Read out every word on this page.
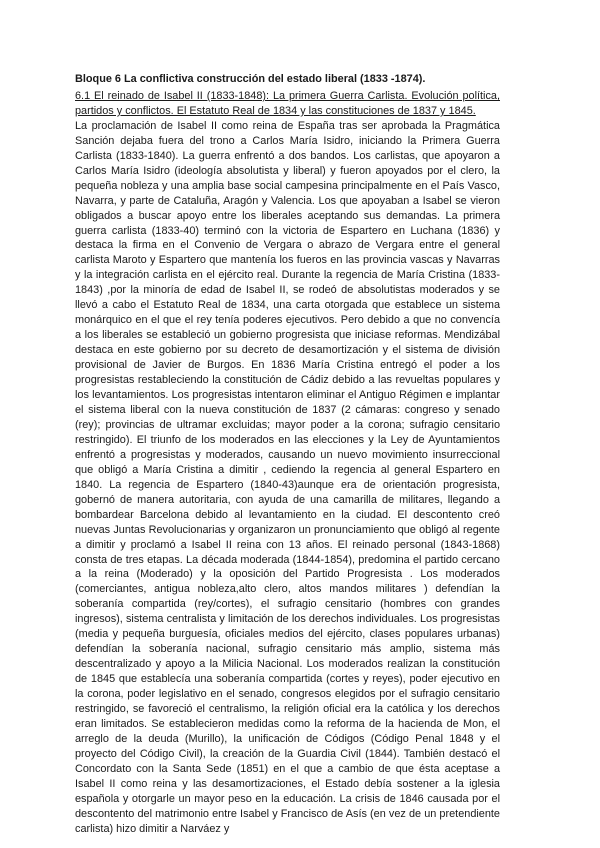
Bloque 6 La conflictiva construcción del estado liberal (1833 -1874).

6.1 El reinado de Isabel II (1833-1848): La primera Guerra Carlista. Evolución política, partidos y conflictos. El Estatuto Real de 1834 y las constituciones de 1837 y 1845.

La proclamación de Isabel II como reina de España tras ser aprobada la Pragmática Sanción dejaba fuera del trono a Carlos María Isidro, iniciando la Primera Guerra Carlista (1833-1840). La guerra enfrentó a dos bandos. Los carlistas, que apoyaron a Carlos María Isidro (ideología absolutista y liberal) y fueron apoyados por el clero, la pequeña nobleza y una amplia base social campesina principalmente en el País Vasco, Navarra, y parte de Cataluña, Aragón y Valencia. Los que apoyaban a Isabel se vieron obligados a buscar apoyo entre los liberales aceptando sus demandas. La primera guerra carlista (1833-40) terminó con la victoria de Espartero en Luchana (1836) y destaca la firma en el Convenio de Vergara o abrazo de Vergara entre el general carlista Maroto y Espartero que mantenía los fueros en las provincia vascas y Navarras y la integración carlista en el ejército real. Durante la regencia de María Cristina (1833-1843) ,por la minoría de edad de Isabel II, se rodeó de absolutistas moderados y se llevó a cabo el Estatuto Real de 1834, una carta otorgada que establece un sistema monárquico en el que el rey tenía poderes ejecutivos. Pero debido a que no convencía a los liberales se estableció un gobierno progresista que iniciase reformas. Mendizábal destaca en este gobierno por su decreto de desamortización y el sistema de división provisional de Javier de Burgos. En 1836 María Cristina entregó el poder a los progresistas restableciendo la constitución de Cádiz debido a las revueltas populares y los levantamientos. Los progresistas intentaron eliminar el Antiguo Régimen e implantar el sistema liberal con la nueva constitución de 1837 (2 cámaras: congreso y senado (rey); provincias de ultramar excluidas; mayor poder a la corona; sufragio censitario restringido). El triunfo de los moderados en las elecciones y la Ley de Ayuntamientos enfrentó a progresistas y moderados, causando un nuevo movimiento insurreccional que obligó a María Cristina a dimitir , cediendo la regencia al general Espartero en 1840. La regencia de Espartero (1840-43)aunque era de orientación progresista, gobernó de manera autoritaria, con ayuda de una camarilla de militares, llegando a bombardear Barcelona debido al levantamiento en la ciudad. El descontento creó nuevas Juntas Revolucionarias y organizaron un pronunciamiento que obligó al regente a dimitir y proclamó a Isabel II reina con 13 años. El reinado personal (1843-1868) consta de tres etapas. La década moderada (1844-1854), predomina el partido cercano a la reina (Moderado) y la oposición del Partido Progresista . Los moderados (comerciantes, antigua nobleza,alto clero, altos mandos militares ) defendían la soberanía compartida (rey/cortes), el sufragio censitario (hombres con grandes ingresos), sistema centralista y limitación de los derechos individuales. Los progresistas (media y pequeña burguesía, oficiales medios del ejército, clases populares urbanas) defendían la soberanía nacional, sufragio censitario más amplio, sistema más descentralizado y apoyo a la Milicia Nacional. Los moderados realizan la constitución de 1845 que establecía una soberanía compartida (cortes y reyes), poder ejecutivo en la corona, poder legislativo en el senado, congresos elegidos por el sufragio censitario restringido, se favoreció el centralismo, la religión oficial era la católica y los derechos eran limitados. Se establecieron medidas como la reforma de la hacienda de Mon, el arreglo de la deuda (Murillo), la unificación de Códigos (Código Penal 1848 y el proyecto del Código Civil), la creación de la Guardia Civil (1844). También destacó el Concordato con la Santa Sede (1851) en el que a cambio de que ésta aceptase a Isabel II como reina y las desamortizaciones, el Estado debía sostener a la iglesia española y otorgarle un mayor peso en la educación. La crisis de 1846 causada por el descontento del matrimonio entre Isabel y Francisco de Asís (en vez de un pretendiente carlista) hizo dimitir a Narváez y
